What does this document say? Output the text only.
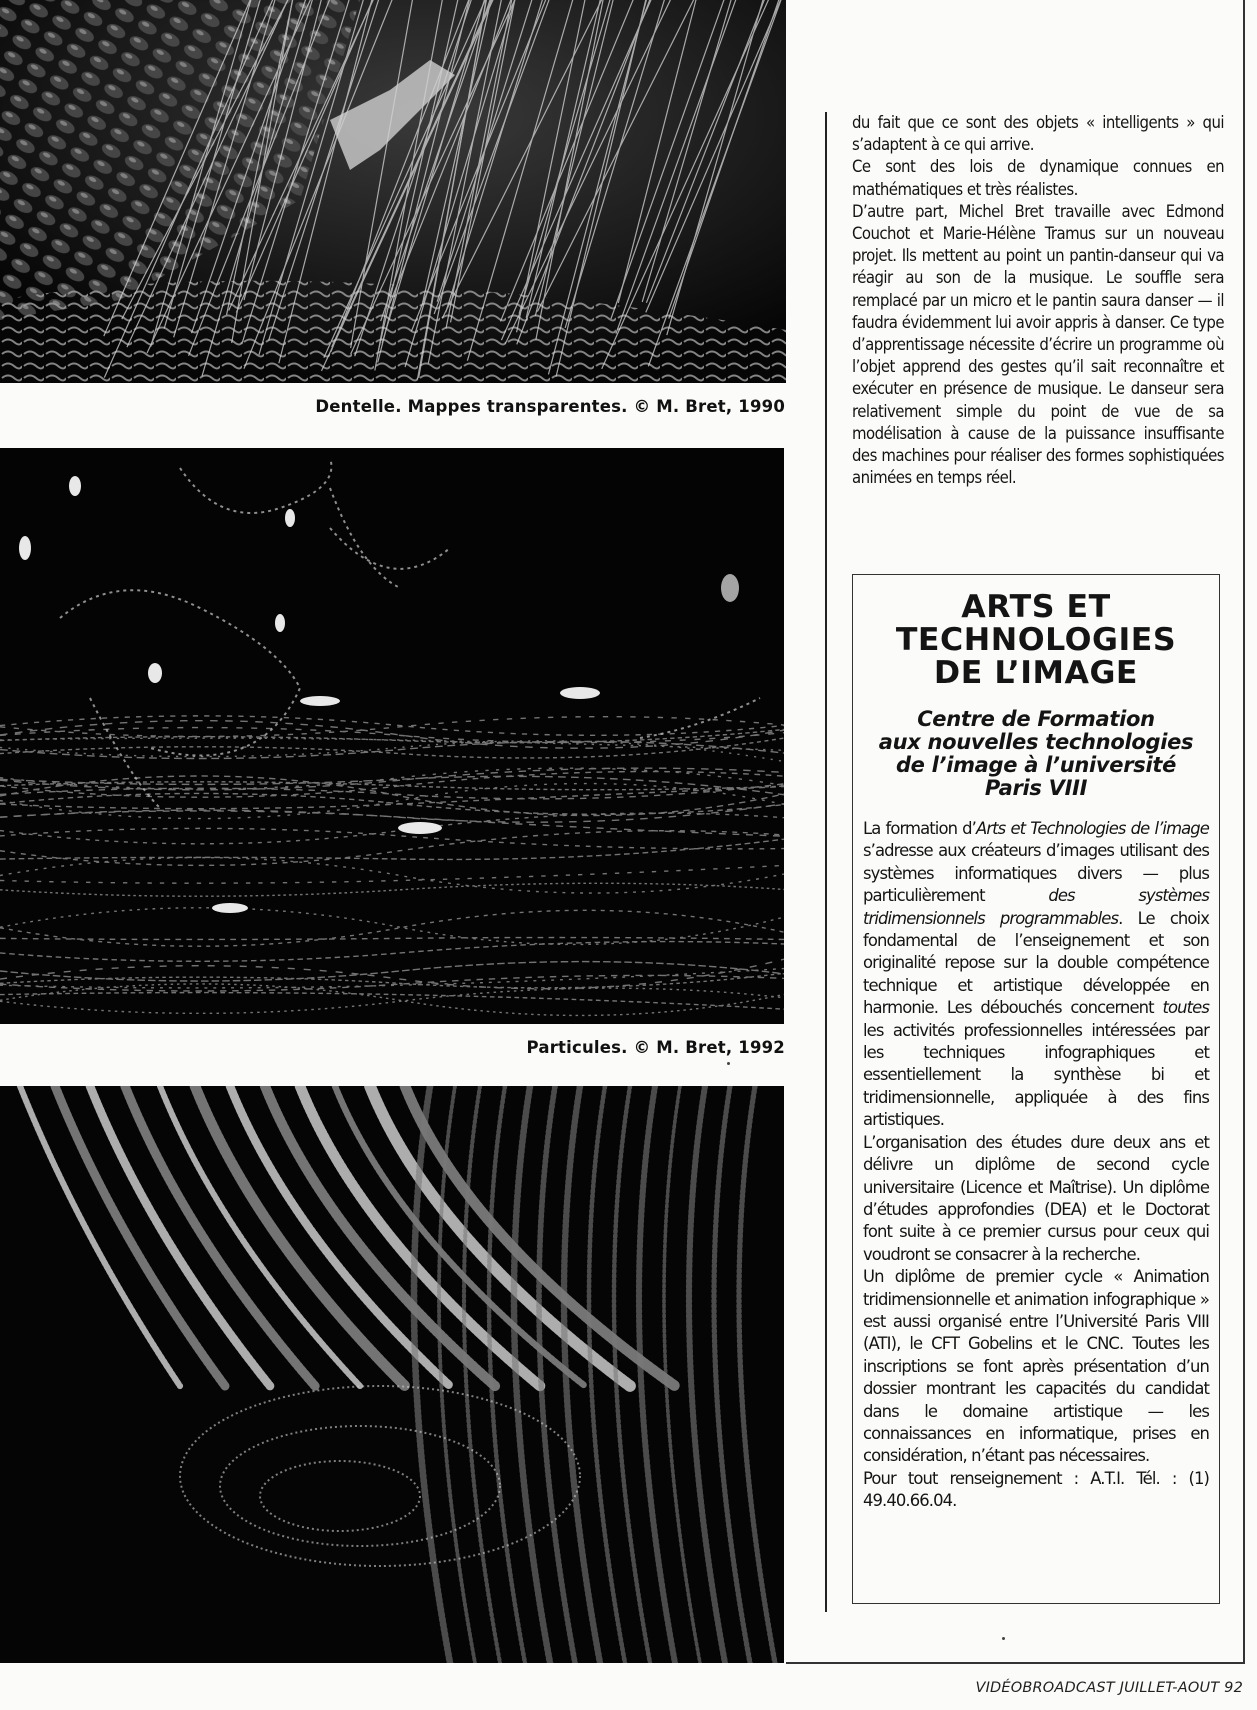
Dentelle. Mappes transparentes. © M. Bret, 1990
Particules. © M. Bret, 1992

du fait que ce sont des objets « intelligents » qui s’adaptent à ce qui arrive.

Ce sont des lois de dynamique connues en mathématiques et très réalistes.

D’autre part, Michel Bret travaille avec Edmond Couchot et Marie-Hélène Tramus sur un nouveau projet. Ils mettent au point un pantin-danseur qui va réagir au son de la musique. Le souffle sera remplacé par un micro et le pantin saura danser — il faudra évidemment lui avoir appris à danser. Ce type d’apprentissage nécessite d’écrire un programme où l’objet apprend des gestes qu’il sait reconnaître et exécuter en présence de musique. Le danseur sera relativement simple du point de vue de sa modélisation à cause de la puissance insuffisante des machines pour réaliser des formes sophistiquées animées en temps réel.

ARTS ET
TECHNOLOGIES
DE L’IMAGE
Centre de Formation
aux nouvelles technologies
de l’image à l’université
Paris VIII

La formation d’Arts et Technologies de l’image s’adresse aux créateurs d’images utilisant des systèmes informatiques divers — plus particulièrement des systèmes tridimensionnels programmables. Le choix fondamental de l’enseignement et son originalité repose sur la double compétence technique et artistique développée en harmonie. Les débouchés concernent toutes les activités professionnelles intéressées par les techniques infographiques et essentiellement la synthèse bi et tridimensionnelle, appliquée à des fins artistiques.

L’organisation des études dure deux ans et délivre un diplôme de second cycle universitaire (Licence et Maîtrise). Un diplôme d’études approfondies (DEA) et le Doctorat font suite à ce premier cursus pour ceux qui voudront se consacrer à la recherche.

Un diplôme de premier cycle « Animation tridimensionnelle et animation infographique » est aussi organisé entre l’Université Paris VIII (ATI), le CFT Gobelins et le CNC. Toutes les inscriptions se font après présentation d’un dossier montrant les capacités du candidat dans le domaine artistique — les connaissances en informatique, prises en considération, n’étant pas nécessaires.

Pour tout renseignement : A.T.I. Tél. : (1) 49.40.66.04.

VIDÉOBROADCAST JUILLET-AOUT 92
